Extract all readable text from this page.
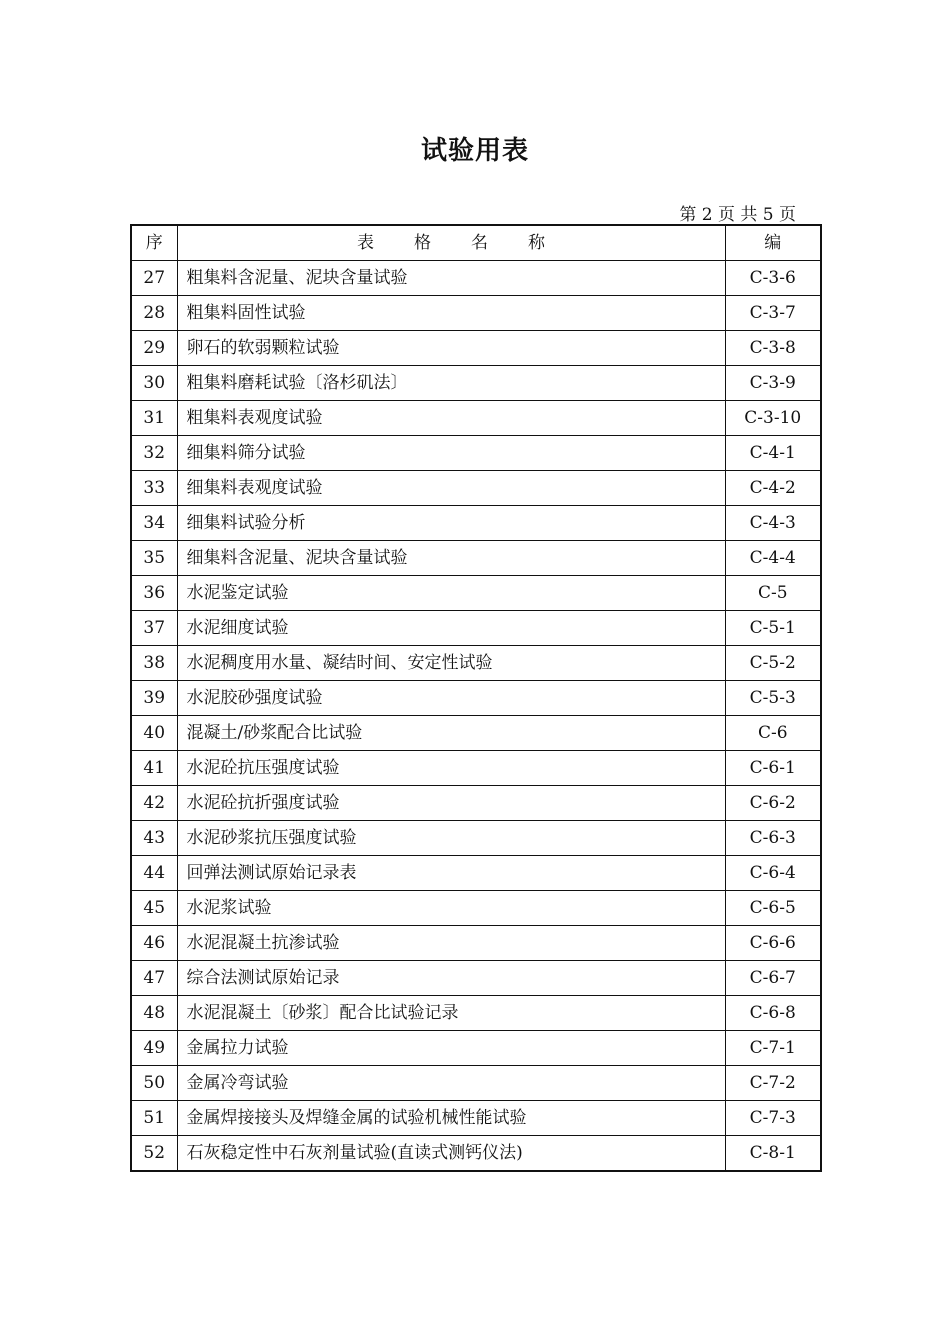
试验用表
第 2 页 共 5 页
序	表格名称	编
27	粗集料含泥量、泥块含量试验	C-3-6
28	粗集料固性试验	C-3-7
29	卵石的软弱颗粒试验	C-3-8
30	粗集料磨耗试验〔洛杉矶法〕	C-3-9
31	粗集料表观度试验	C-3-10
32	细集料筛分试验	C-4-1
33	细集料表观度试验	C-4-2
34	细集料试验分析	C-4-3
35	细集料含泥量、泥块含量试验	C-4-4
36	水泥鉴定试验	C-5
37	水泥细度试验	C-5-1
38	水泥稠度用水量、凝结时间、安定性试验	C-5-2
39	水泥胶砂强度试验	C-5-3
40	混凝土/砂浆配合比试验	C-6
41	水泥砼抗压强度试验	C-6-1
42	水泥砼抗折强度试验	C-6-2
43	水泥砂浆抗压强度试验	C-6-3
44	回弹法测试原始记录表	C-6-4
45	水泥浆试验	C-6-5
46	水泥混凝土抗渗试验	C-6-6
47	综合法测试原始记录	C-6-7
48	水泥混凝土〔砂浆〕配合比试验记录	C-6-8
49	金属拉力试验	C-7-1
50	金属冷弯试验	C-7-2
51	金属焊接接头及焊缝金属的试验机械性能试验	C-7-3
52	石灰稳定性中石灰剂量试验(直读式测钙仪法)	C-8-1
